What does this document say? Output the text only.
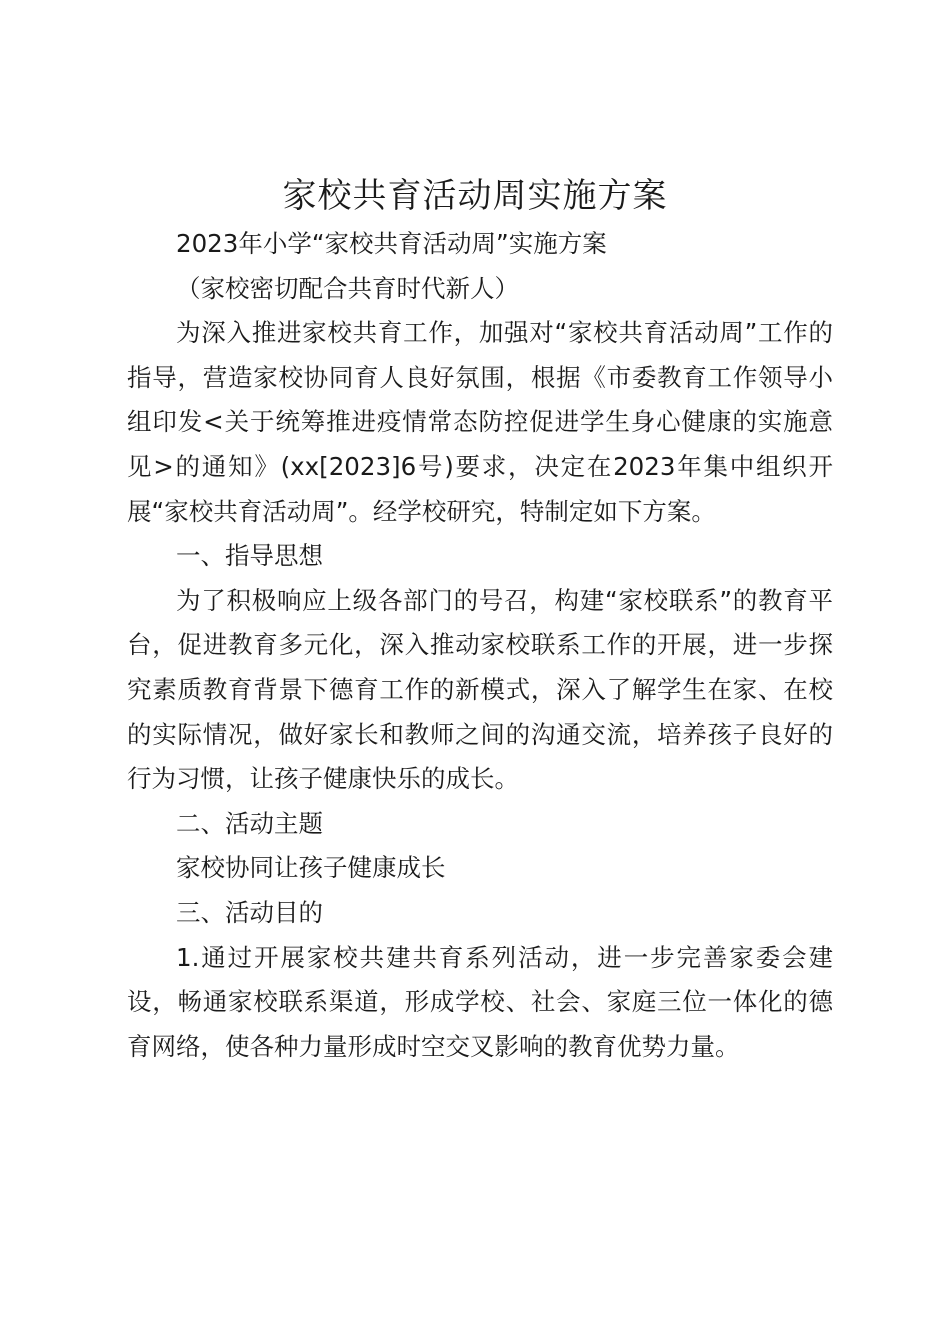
家校共育活动周实施方案

2023年小学“家校共育活动周”实施方案

（家校密切配合共育时代新人）

为深入推进家校共育工作，加强对“家校共育活动周”工作的指导，营造家校协同育人良好氛围，根据《市委教育工作领导小组印发<关于统筹推进疫情常态防控促进学生身心健康的实施意见>的通知》(xx[2023]6号)要求，决定在2023年集中组织开展“家校共育活动周”。经学校研究，特制定如下方案。

一、指导思想

为了积极响应上级各部门的号召，构建“家校联系”的教育平台，促进教育多元化，深入推动家校联系工作的开展，进一步探究素质教育背景下德育工作的新模式，深入了解学生在家、在校的实际情况，做好家长和教师之间的沟通交流，培养孩子良好的行为习惯，让孩子健康快乐的成长。

二、活动主题

家校协同让孩子健康成长

三、活动目的

1.通过开展家校共建共育系列活动，进一步完善家委会建设，畅通家校联系渠道，形成学校、社会、家庭三位一体化的德育网络，使各种力量形成时空交叉影响的教育优势力量。
